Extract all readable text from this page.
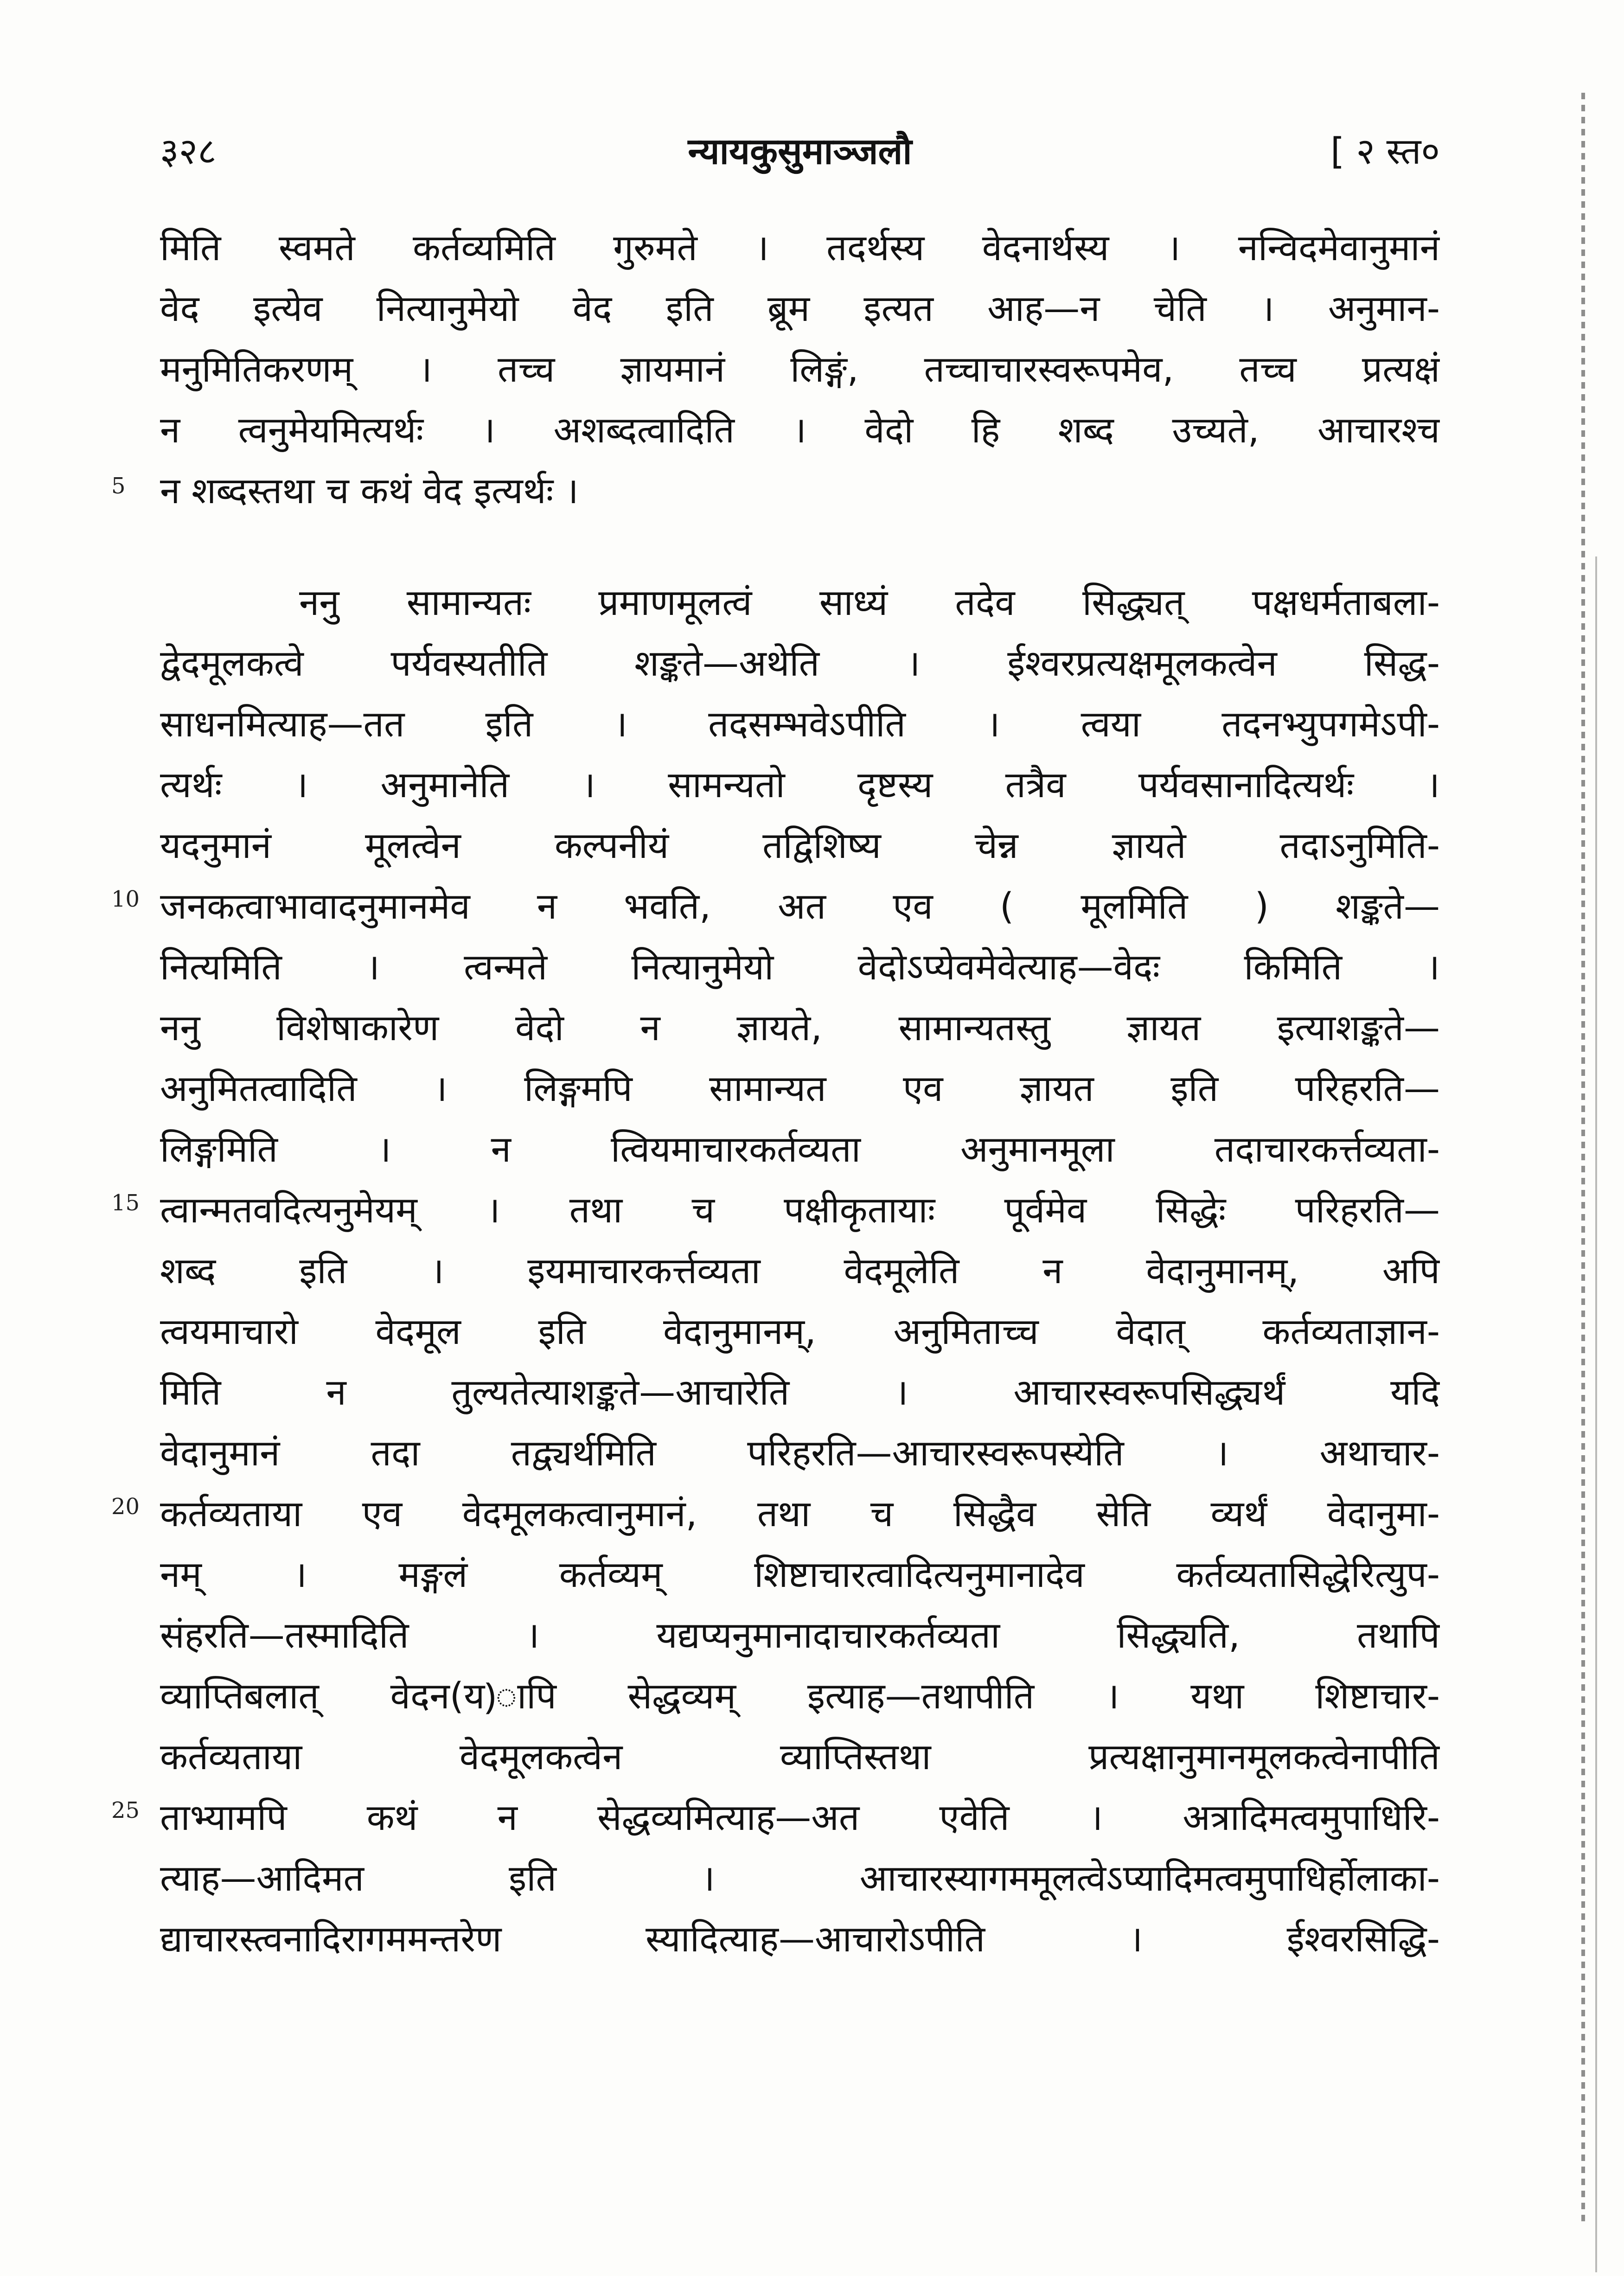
३२८	न्यायकुसुमाञ्जलौ	[ २ स्त०
5
10
15
20
25
मिति स्वमते कर्तव्यमिति गुरुमते । तदर्थस्य वेदनार्थस्य । नन्विदमेवानुमानं
वेद इत्येव नित्यानुमेयो वेद इति ब्रूम इत्यत आह—न चेति । अनुमान-
मनुमितिकरणम् । तच्च ज्ञायमानं लिङ्गं, तच्चाचारस्वरूपमेव, तच्च प्रत्यक्षं
न त्वनुमेयमित्यर्थः । अशब्दत्वादिति । वेदो हि शब्द उच्यते, आचारश्च
न शब्दस्तथा च कथं वेद इत्यर्थः ।
ननु सामान्यतः प्रमाणमूलत्वं साध्यं तदेव सिद्ध्यत् पक्षधर्मताबला-
द्वेदमूलकत्वे पर्यवस्यतीति शङ्कते—अथेति । ईश्वरप्रत्यक्षमूलकत्वेन सिद्ध-
साधनमित्याह—तत इति । तदसम्भवेऽपीति । त्वया तदनभ्युपगमेऽपी-
त्यर्थः । अनुमानेति । सामन्यतो दृष्टस्य तत्रैव पर्यवसानादित्यर्थः ।
यदनुमानं मूलत्वेन कल्पनीयं तद्विशिष्य चेन्न ज्ञायते तदाऽनुमिति-
जनकत्वाभावादनुमानमेव न भवति, अत एव ( मूलमिति ) शङ्कते—
नित्यमिति । त्वन्मते नित्यानुमेयो वेदोऽप्येवमेवेत्याह—वेदः किमिति ।
ननु विशेषाकारेण वेदो न ज्ञायते, सामान्यतस्तु ज्ञायत इत्याशङ्कते—
अनुमितत्वादिति । लिङ्गमपि सामान्यत एव ज्ञायत इति परिहरति—
लिङ्गमिति । न त्वियमाचारकर्तव्यता अनुमानमूला तदाचारकर्त्तव्यता-
त्वान्मतवदित्यनुमेयम् । तथा च पक्षीकृतायाः पूर्वमेव सिद्धेः परिहरति—
शब्द इति । इयमाचारकर्त्तव्यता वेदमूलेति न वेदानुमानम्, अपि
त्वयमाचारो वेदमूल इति वेदानुमानम्, अनुमिताच्च वेदात् कर्तव्यताज्ञान-
मिति न तुल्यतेत्याशङ्कते—आचारेति । आचारस्वरूपसिद्ध्यर्थं यदि
वेदानुमानं तदा तद्व्यर्थमिति परिहरति—आचारस्वरूपस्येति । अथाचार-
कर्तव्यताया एव वेदमूलकत्वानुमानं, तथा च सिद्धैव सेति व्यर्थं वेदानुमा-
नम् । मङ्गलं कर्तव्यम् शिष्टाचारत्वादित्यनुमानादेव कर्तव्यतासिद्धेरित्युप-
संहरति—तस्मादिति । यद्यप्यनुमानादाचारकर्तव्यता सिद्ध्यति, तथापि
व्याप्तिबलात् वेदन(य)ापि सेद्धव्यम् इत्याह—तथापीति । यथा शिष्टाचार-
कर्तव्यताया वेदमूलकत्वेन व्याप्तिस्तथा प्रत्यक्षानुमानमूलकत्वेनापीति
ताभ्यामपि कथं न सेद्धव्यमित्याह—अत एवेति । अत्रादिमत्वमुपाधिरि-
त्याह—आदिमत इति । आचारस्यागममूलत्वेऽप्यादिमत्वमुपाधिर्होलाका-
द्याचारस्त्वनादिरागममन्तरेण स्यादित्याह—आचारोऽपीति । ईश्वरसिद्धि-
